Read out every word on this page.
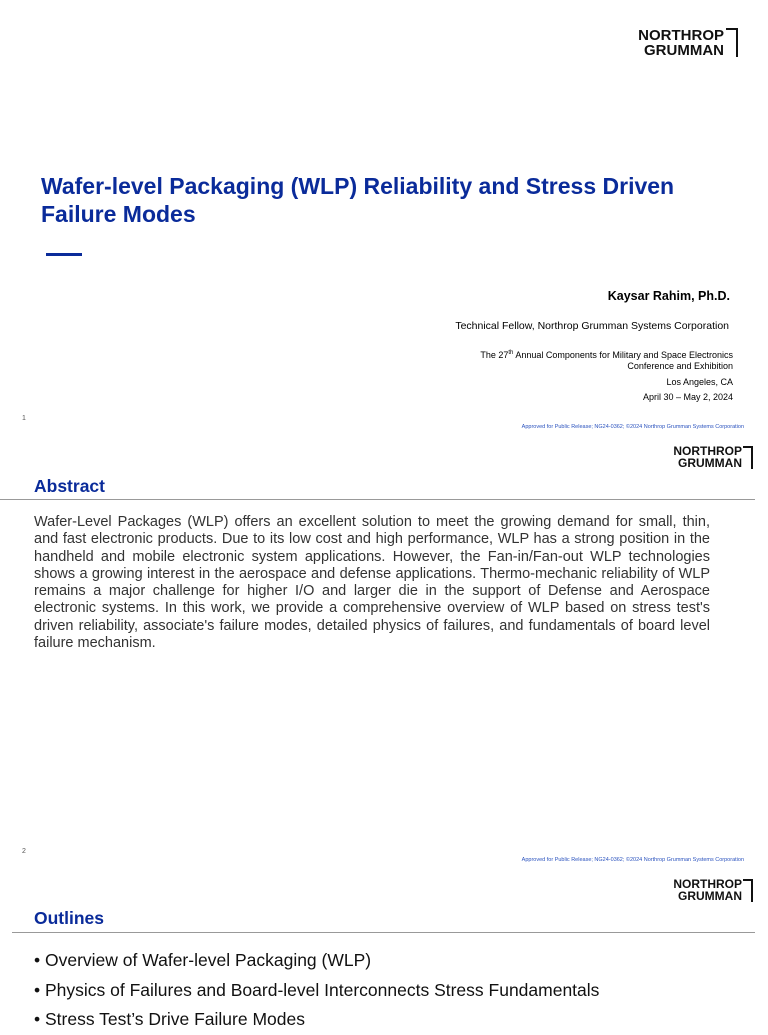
NORTHROP
GRUMMAN
Wafer-level Packaging (WLP) Reliability and Stress Driven Failure Modes
Kaysar Rahim, Ph.D.
Technical Fellow, Northrop Grumman Systems Corporation
The 27th Annual Components for Military and Space Electronics
Conference and Exhibition
Los Angeles, CA
April 30 – May 2, 2024
1
Approved for Public Release; NG24-0362; ©2024 Northrop Grumman Systems Corporation
NORTHROP
GRUMMAN
Abstract
Wafer-Level Packages (WLP) offers an excellent solution to meet the growing demand for small, thin, and fast electronic products. Due to its low cost and high performance, WLP has a strong position in the handheld and mobile electronic system applications. However, the Fan-in/Fan-out WLP technologies shows a growing interest in the aerospace and defense applications. Thermo-mechanic reliability of WLP remains a major challenge for higher I/O and larger die in the support of Defense and Aerospace electronic systems. In this work, we provide a comprehensive overview of WLP based on stress test's driven reliability, associate's failure modes, detailed physics of failures, and fundamentals of board level failure mechanism.
2
Approved for Public Release; NG24-0362; ©2024 Northrop Grumman Systems Corporation
NORTHROP
GRUMMAN
Outlines
• Overview of Wafer-level Packaging (WLP)
• Physics of Failures and Board-level Interconnects Stress Fundamentals
• Stress Test’s Drive Failure Modes
